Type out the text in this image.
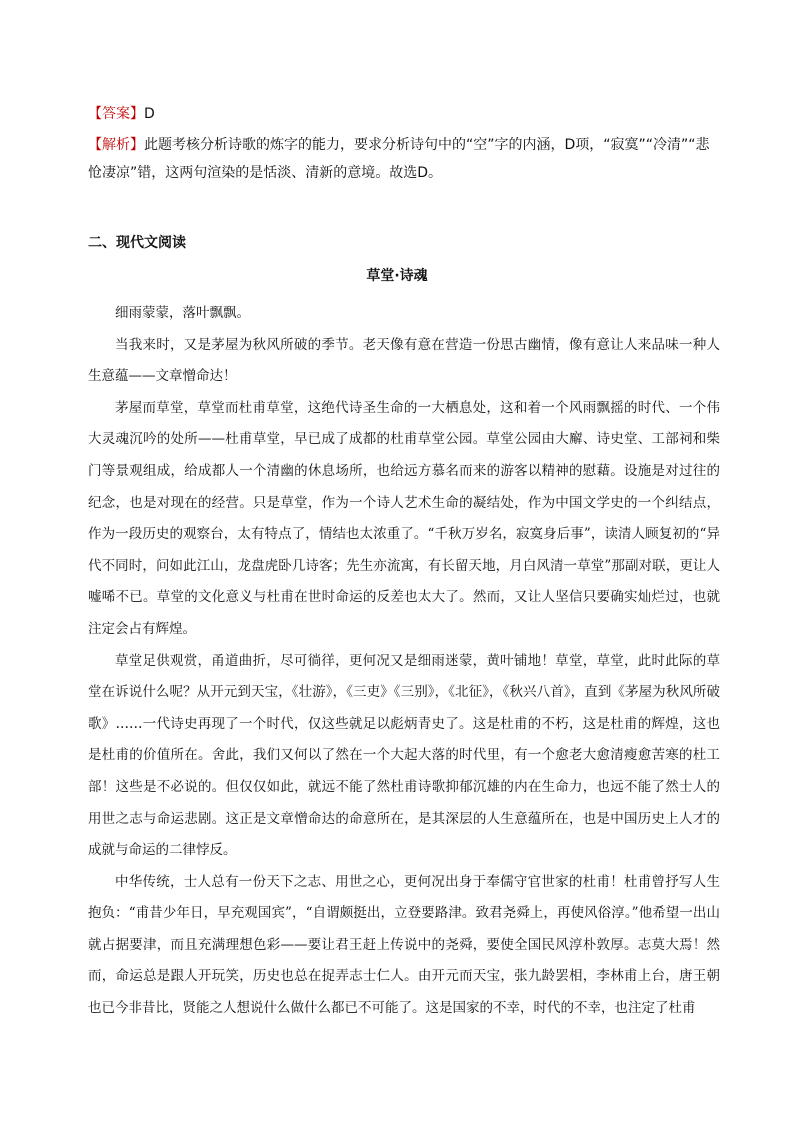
【答案】D
【解析】此题考核分析诗歌的炼字的能力，要求分析诗句中的“空”字的内涵，D项，“寂寞”“冷清”“悲怆凄凉”错，这两句渲染的是恬淡、清新的意境。故选D。
二、现代文阅读
草堂·诗魂

细雨蒙蒙，落叶飘飘。

当我来时，又是茅屋为秋风所破的季节。老天像有意在营造一份思古幽情，像有意让人来品味一种人生意蕴——文章憎命达！

茅屋而草堂，草堂而杜甫草堂，这绝代诗圣生命的一大栖息处，这和着一个风雨飘摇的时代、一个伟大灵魂沉吟的处所——杜甫草堂，早已成了成都的杜甫草堂公园。草堂公园由大廨、诗史堂、工部祠和柴门等景观组成，给成都人一个清幽的休息场所，也给远方慕名而来的游客以精神的慰藉。设施是对过往的纪念，也是对现在的经营。只是草堂，作为一个诗人艺术生命的凝结处，作为中国文学史的一个纠结点，作为一段历史的观察台，太有特点了，情结也太浓重了。“千秋万岁名，寂寞身后事”，读清人顾复初的“异代不同时，问如此江山，龙盘虎卧几诗客；先生亦流寓，有长留天地，月白风清一草堂”那副对联，更让人嘘唏不已。草堂的文化意义与杜甫在世时命运的反差也太大了。然而，又让人坚信只要确实灿烂过，也就注定会占有辉煌。

草堂足供观赏，甬道曲折，尽可徜徉，更何况又是细雨迷蒙，黄叶铺地！草堂，草堂，此时此际的草堂在诉说什么呢？从开元到天宝，《壮游》，《三吏》《三别》，《北征》，《秋兴八首》，直到《茅屋为秋风所破歌》……一代诗史再现了一个时代，仅这些就足以彪炳青史了。这是杜甫的不朽，这是杜甫的辉煌，这也是杜甫的价值所在。舍此，我们又何以了然在一个大起大落的时代里，有一个愈老大愈清瘦愈苦寒的杜工部！这些是不必说的。但仅仅如此，就远不能了然杜甫诗歌抑郁沉雄的内在生命力，也远不能了然士人的用世之志与命运悲剧。这正是文章憎命达的命意所在，是其深层的人生意蕴所在，也是中国历史上人才的成就与命运的二律悖反。

中华传统，士人总有一份天下之志、用世之心，更何况出身于奉儒守官世家的杜甫！杜甫曾抒写人生抱负：“甫昔少年日，早充观国宾”，“自谓颇挺出，立登要路津。致君尧舜上，再使风俗淳。”他希望一出山就占据要津，而且充满理想色彩——要让君王赶上传说中的尧舜，要使全国民风淳朴敦厚。志莫大焉！然而，命运总是跟人开玩笑，历史也总在捉弄志士仁人。由开元而天宝，张九龄罢相，李林甫上台，唐王朝也已今非昔比，贤能之人想说什么做什么都已不可能了。这是国家的不幸，时代的不幸，也注定了杜甫
